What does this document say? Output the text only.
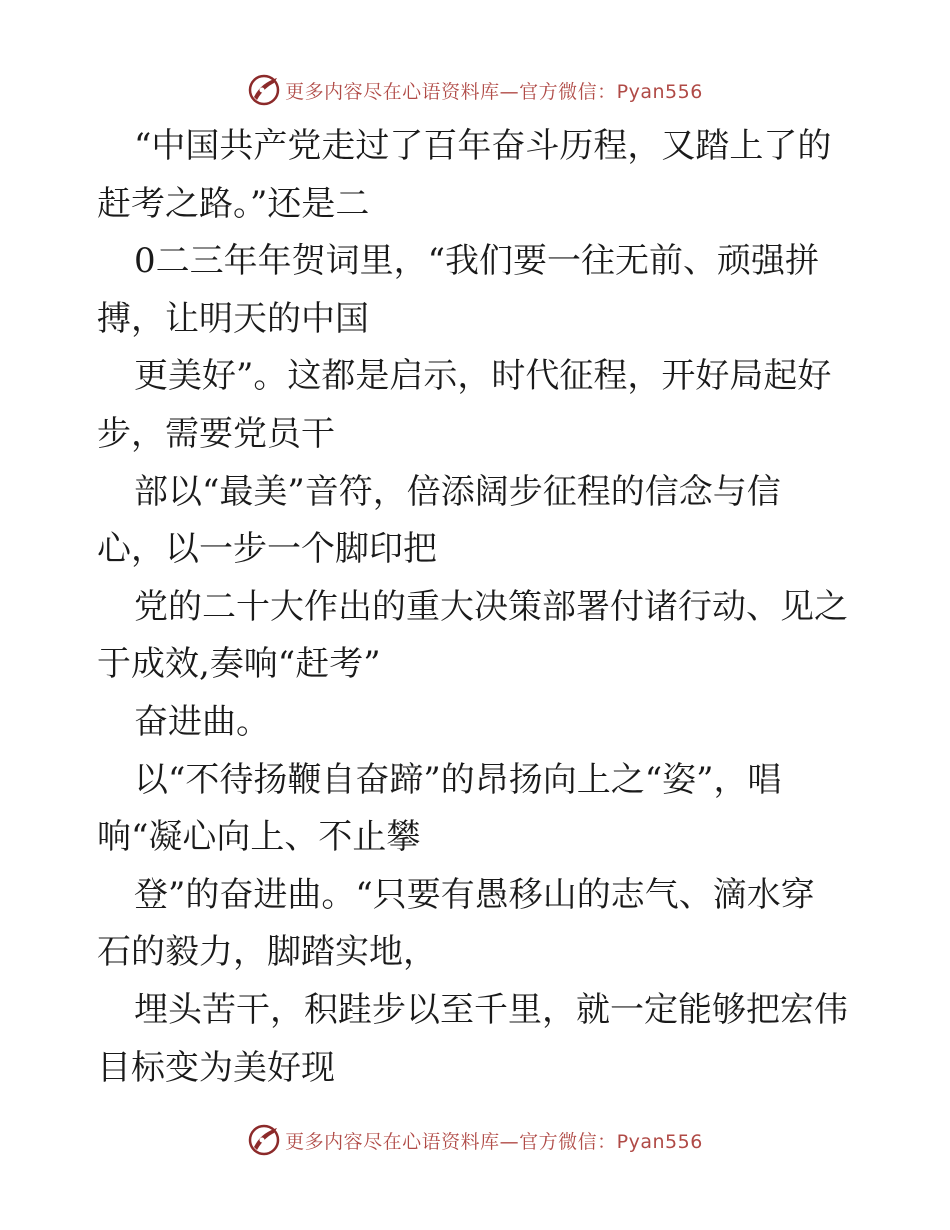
更多内容尽在心语资料库—官方微信：Pyan556
“中国共产党走过了百年奋斗历程，又踏上了的
赶考之路。”还是二
0二三年年贺词里，“我们要一往无前、顽强拼
搏，让明天的中国
更美好”。这都是启示，时代征程，开好局起好
步，需要党员干
部以“最美”音符，倍添阔步征程的信念与信
心，以一步一个脚印把
党的二十大作出的重大决策部署付诸行动、见之
于成效,奏响“赶考”
奋进曲。
以“不待扬鞭自奋蹄”的昂扬向上之“姿”，唱
响“凝心向上、不止攀
登”的奋进曲。“只要有愚移山的志气、滴水穿
石的毅力，脚踏实地，
埋头苦干，积跬步以至千里，就一定能够把宏伟
目标变为美好现
更多内容尽在心语资料库—官方微信：Pyan556
